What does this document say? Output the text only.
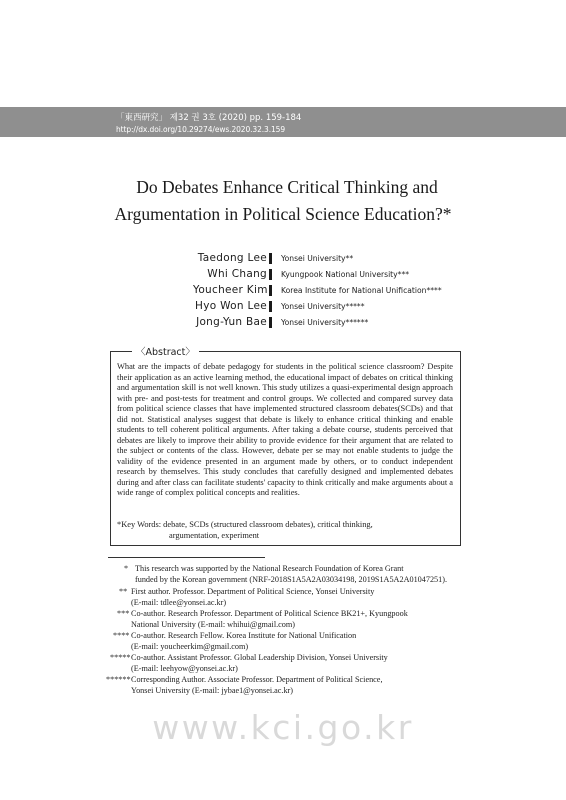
「東西硏究」 제32 권 3호 (2020) pp. 159-184
http://dx.doi.org/10.29274/ews.2020.32.3.159
Do Debates Enhance Critical Thinking and
Argumentation in Political Science Education?*
Taedong Lee Yonsei University**
Whi Chang Kyungpook National University***
Youcheer Kim Korea Institute for National Unification****
Hyo Won Lee Yonsei University*****
Jong-Yun Bae Yonsei University******
〈Abstract〉
What are the impacts of debate pedagogy for students in the political science classroom? Despite their application as an active learning method, the educational impact of debates on critical thinking and argumentation skill is not well known. This study utilizes a quasi-experimental design approach with pre- and post-tests for treatment and control groups. We collected and compared survey data from political science classes that have implemented structured classroom debates(SCDs) and that did not. Statistical analyses suggest that debate is likely to enhance critical thinking and enable students to tell coherent political arguments. After taking a debate course, students perceived that debates are likely to improve their ability to provide evidence for their argument that are related to the subject or contents of the class. However, debate per se may not enable students to judge the validity of the evidence presented in an argument made by others, or to conduct independent research by themselves. This study concludes that carefully designed and implemented debates during and after class can facilitate students' capacity to think critically and make arguments about a wide range of complex political concepts and realities.
*Key Words: debate, SCDs (structured classroom debates), critical thinking,
argumentation, experiment
* This research was supported by the National Research Foundation of Korea Grant
funded by the Korean government (NRF-2018S1A5A2A03034198, 2019S1A5A2A01047251).
** First author. Professor. Department of Political Science, Yonsei University
(E-mail: tdlee@yonsei.ac.kr)
*** Co-author. Research Professor. Department of Political Science BK21+, Kyungpook
National University (E-mail: whihui@gmail.com)
**** Co-author. Research Fellow. Korea Institute for National Unification
(E-mail: youcheerkim@gmail.com)
***** Co-author. Assistant Professor. Global Leadership Division, Yonsei University
(E-mail: leehyow@yonsei.ac.kr)
****** Corresponding Author. Associate Professor. Department of Political Science,
Yonsei University (E-mail: jybae1@yonsei.ac.kr)
www.kci.go.kr
